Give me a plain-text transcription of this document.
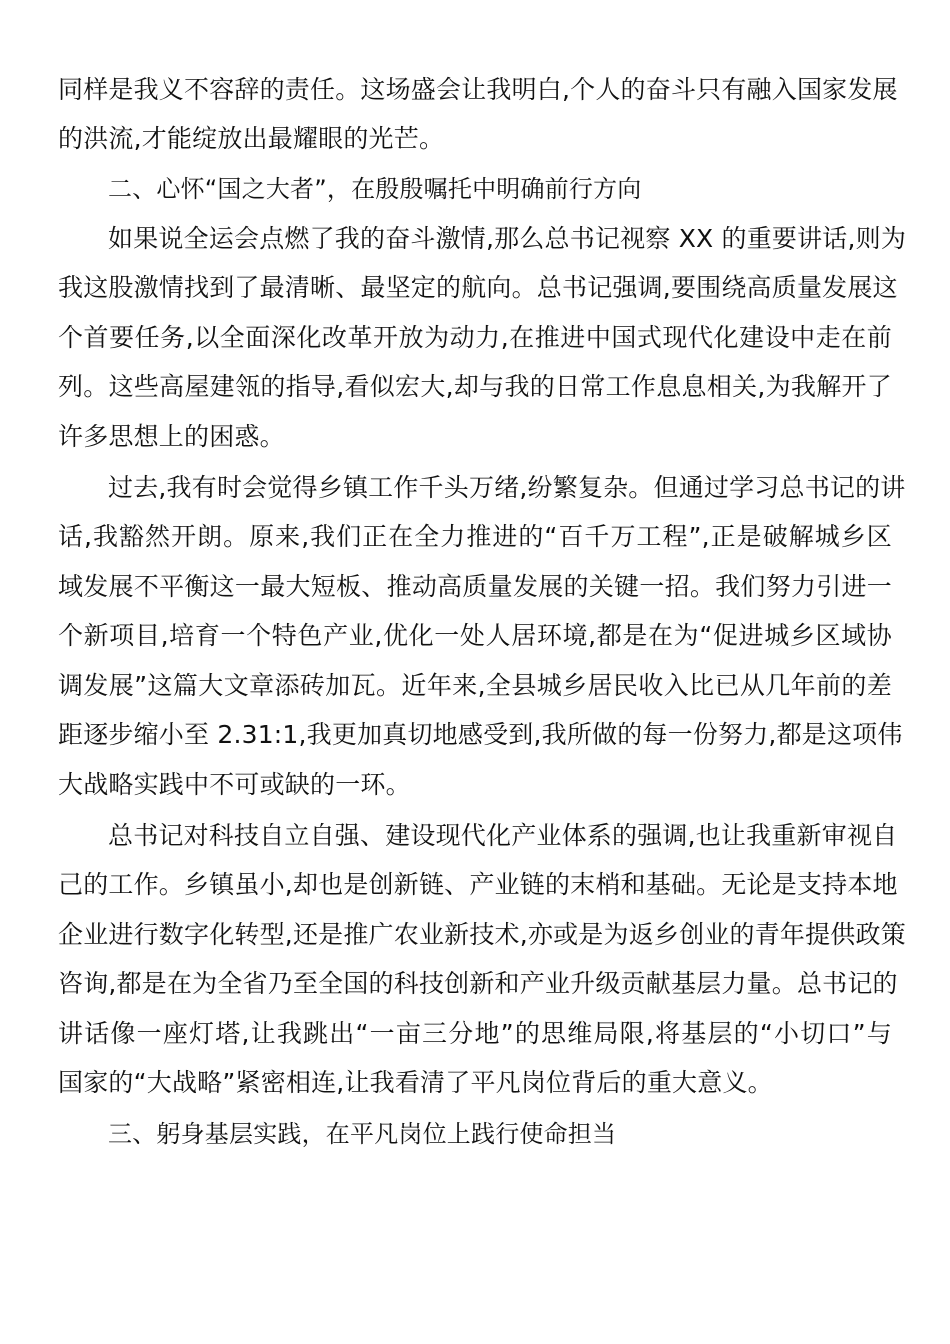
同样是我义不容辞的责任。这场盛会让我明白,个人的奋斗只有融入国家发展
的洪流,才能绽放出最耀眼的光芒。
二、心怀“国之大者”，在殷殷嘱托中明确前行方向
如果说全运会点燃了我的奋斗激情,那么总书记视察 XX 的重要讲话,则为
我这股激情找到了最清晰、最坚定的航向。总书记强调,要围绕高质量发展这
个首要任务,以全面深化改革开放为动力,在推进中国式现代化建设中走在前
列。这些高屋建瓴的指导,看似宏大,却与我的日常工作息息相关,为我解开了
许多思想上的困惑。
过去,我有时会觉得乡镇工作千头万绪,纷繁复杂。但通过学习总书记的讲
话,我豁然开朗。原来,我们正在全力推进的“百千万工程”,正是破解城乡区
域发展不平衡这一最大短板、推动高质量发展的关键一招。我们努力引进一
个新项目,培育一个特色产业,优化一处人居环境,都是在为“促进城乡区域协
调发展”这篇大文章添砖加瓦。近年来,全县城乡居民收入比已从几年前的差
距逐步缩小至 2.31:1,我更加真切地感受到,我所做的每一份努力,都是这项伟
大战略实践中不可或缺的一环。
总书记对科技自立自强、建设现代化产业体系的强调,也让我重新审视自
己的工作。乡镇虽小,却也是创新链、产业链的末梢和基础。无论是支持本地
企业进行数字化转型,还是推广农业新技术,亦或是为返乡创业的青年提供政策
咨询,都是在为全省乃至全国的科技创新和产业升级贡献基层力量。总书记的
讲话像一座灯塔,让我跳出“一亩三分地”的思维局限,将基层的“小切口”与
国家的“大战略”紧密相连,让我看清了平凡岗位背后的重大意义。
三、躬身基层实践，在平凡岗位上践行使命担当
